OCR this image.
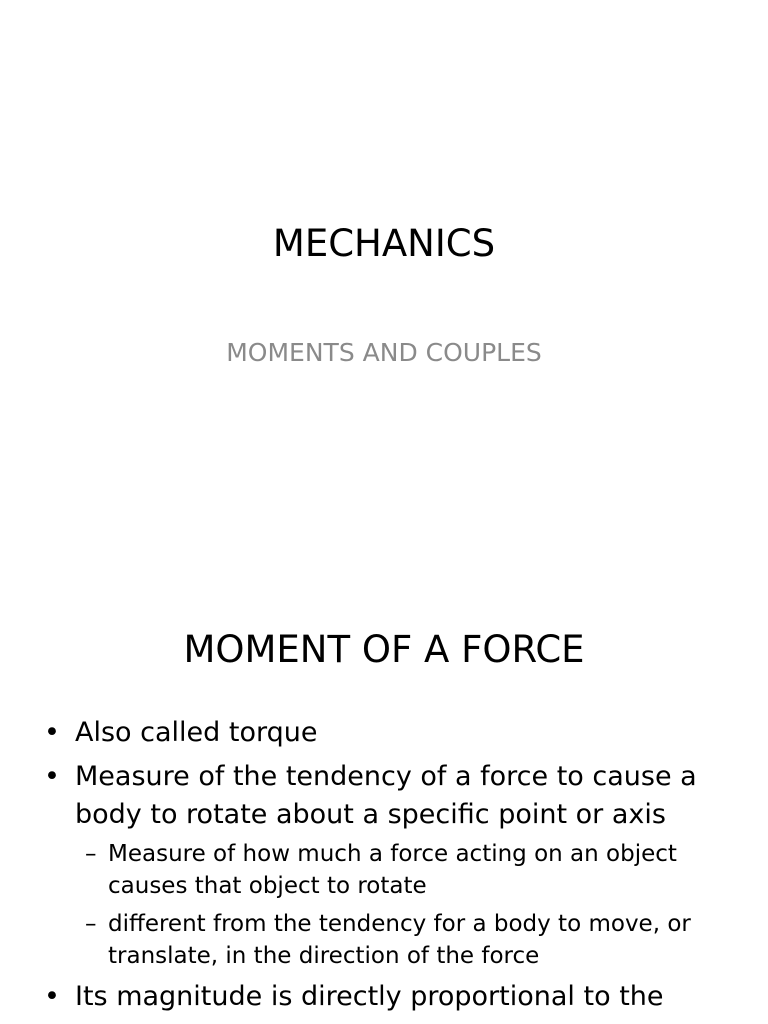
MECHANICS
MOMENTS AND COUPLES
MOMENT OF A FORCE
• Also called torque
• Measure of the tendency of a force to cause a body to rotate about a specific point or axis
– Measure of how much a force acting on an object causes that object to rotate
– different from the tendency for a body to move, or translate, in the direction of the force
• Its magnitude is directly proportional to the
